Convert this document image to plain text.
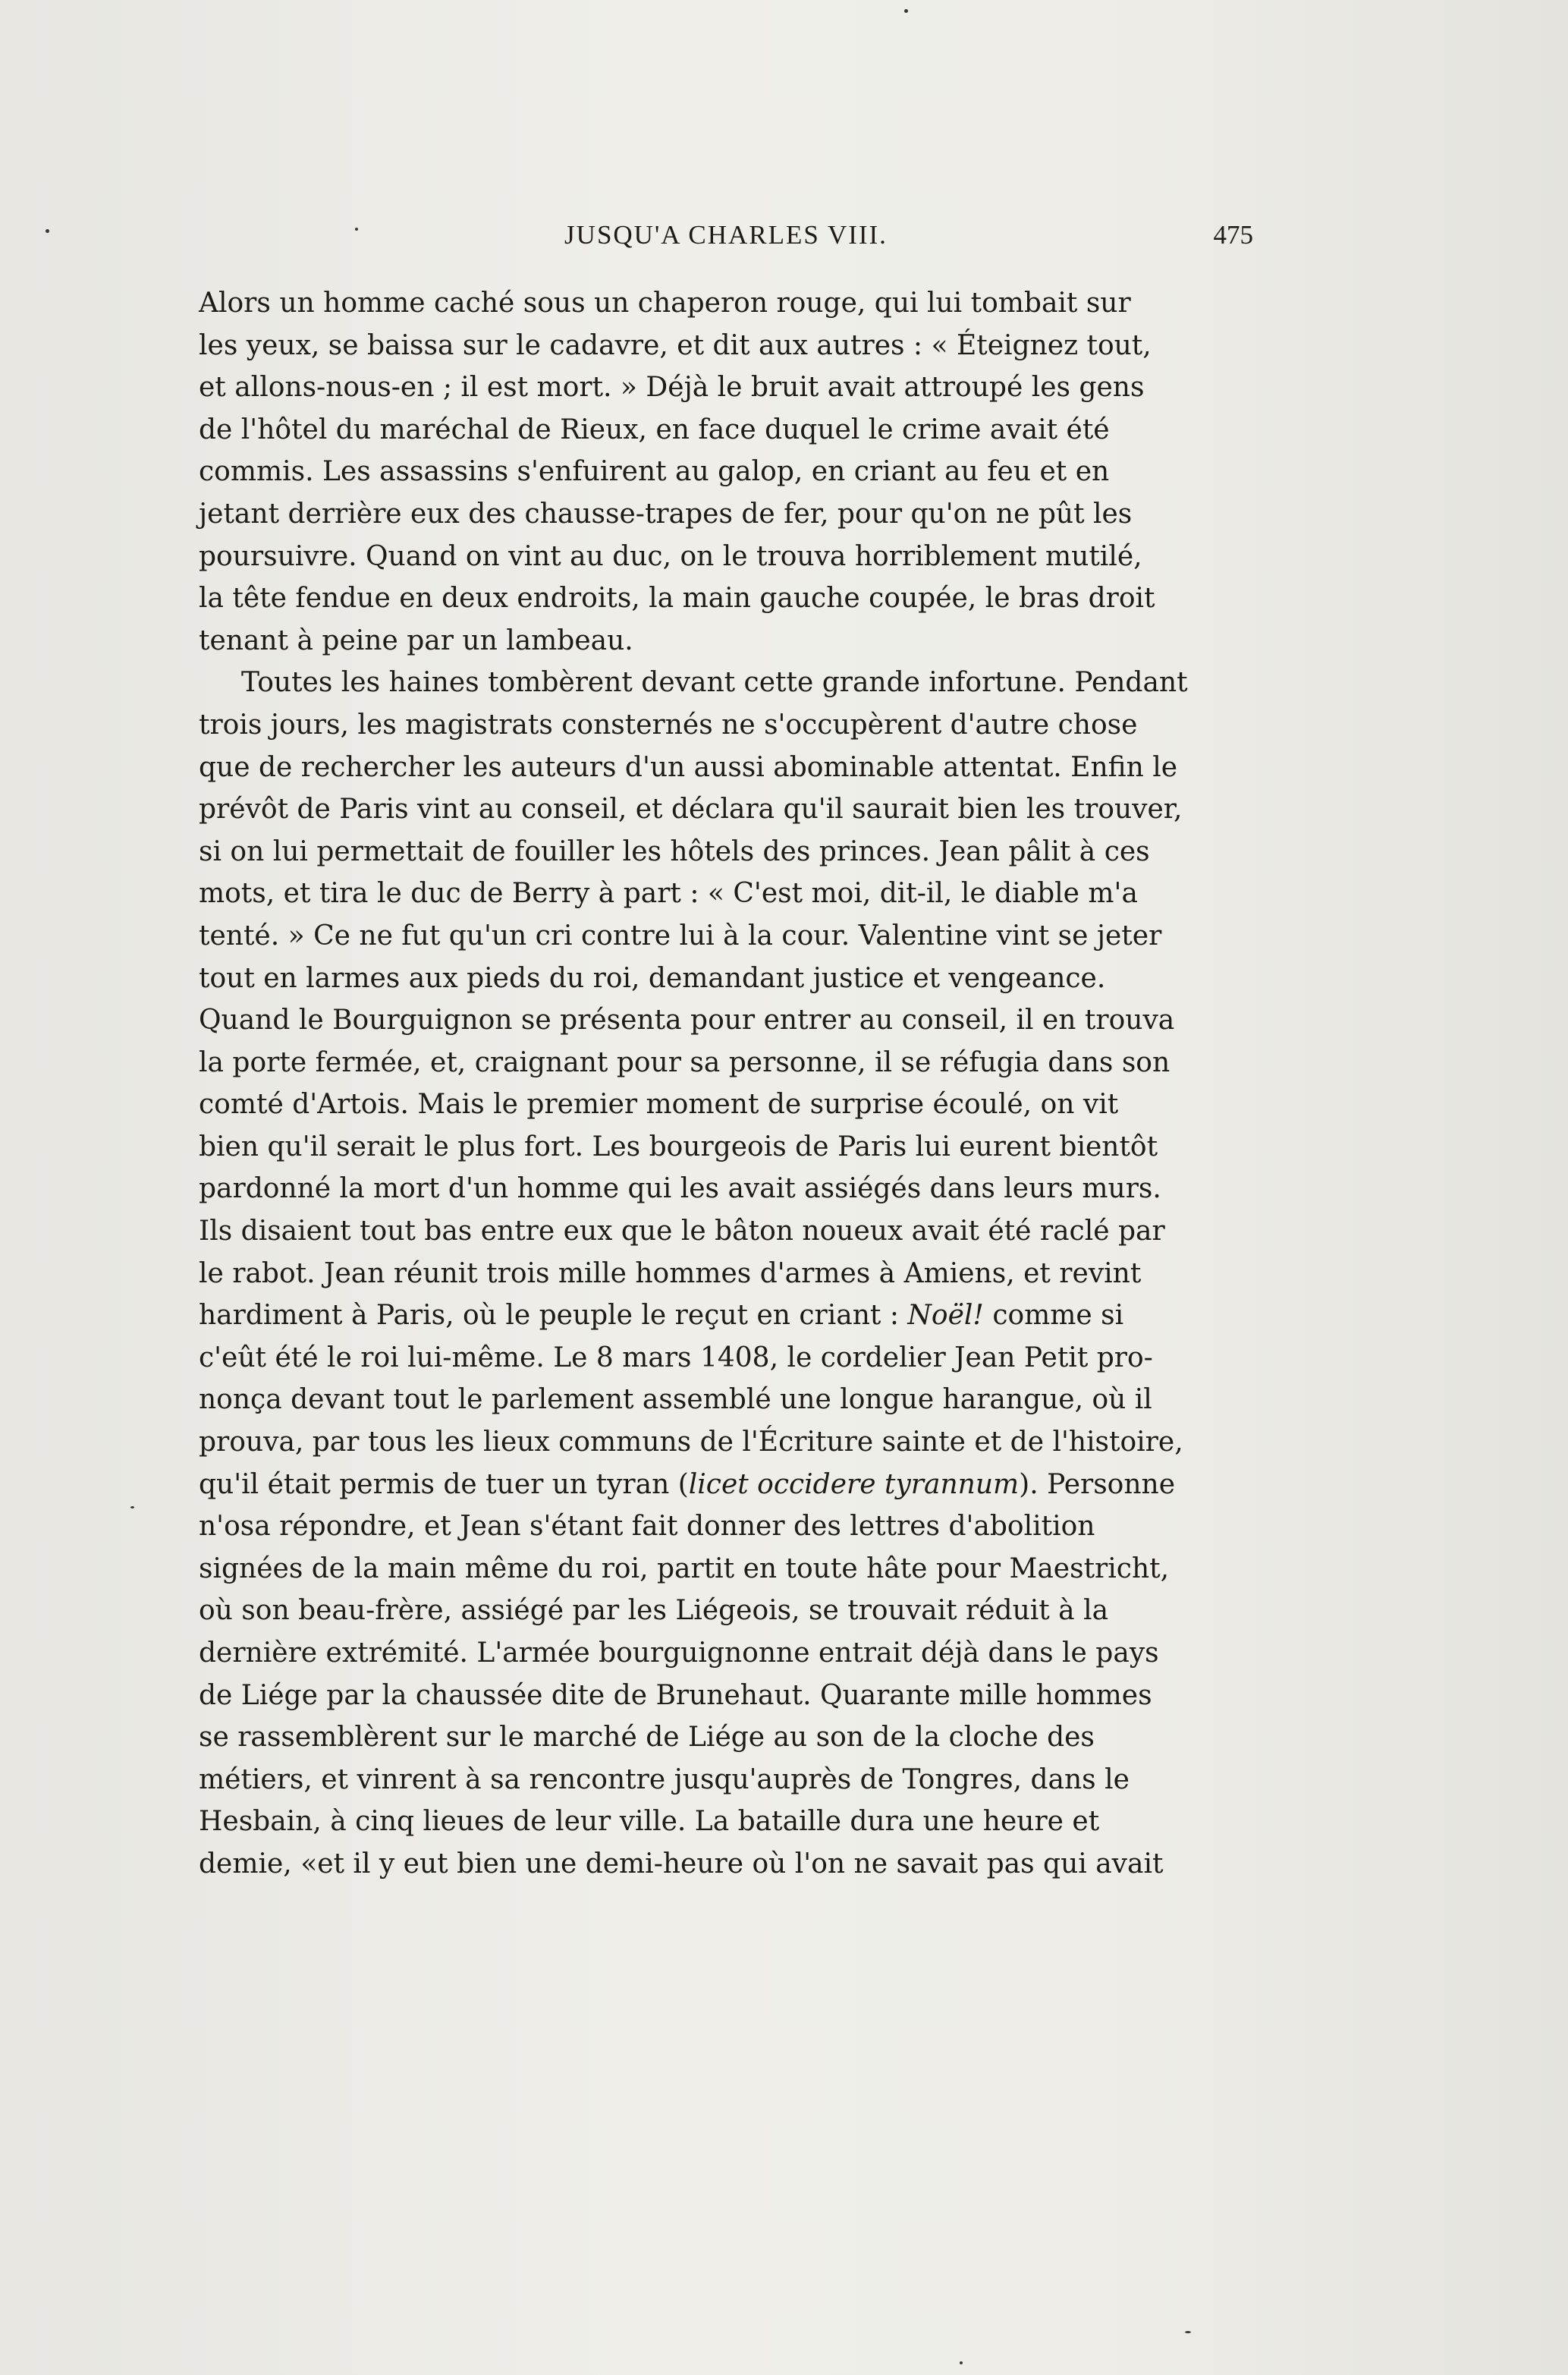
JUSQU'A CHARLES VIII.	475
Alors un homme caché sous un chaperon rouge, qui lui tombait sur
les yeux, se baissa sur le cadavre, et dit aux autres : « Éteignez tout,
et allons-nous-en ; il est mort. » Déjà le bruit avait attroupé les gens
de l'hôtel du maréchal de Rieux, en face duquel le crime avait été
commis. Les assassins s'enfuirent au galop, en criant au feu et en
jetant derrière eux des chausse-trapes de fer, pour qu'on ne pût les
poursuivre. Quand on vint au duc, on le trouva horriblement mutilé,
la tête fendue en deux endroits, la main gauche coupée, le bras droit
tenant à peine par un lambeau.
Toutes les haines tombèrent devant cette grande infortune. Pendant
trois jours, les magistrats consternés ne s'occupèrent d'autre chose
que de rechercher les auteurs d'un aussi abominable attentat. Enfin le
prévôt de Paris vint au conseil, et déclara qu'il saurait bien les trouver,
si on lui permettait de fouiller les hôtels des princes. Jean pâlit à ces
mots, et tira le duc de Berry à part : « C'est moi, dit-il, le diable m'a
tenté. » Ce ne fut qu'un cri contre lui à la cour. Valentine vint se jeter
tout en larmes aux pieds du roi, demandant justice et vengeance.
Quand le Bourguignon se présenta pour entrer au conseil, il en trouva
la porte fermée, et, craignant pour sa personne, il se réfugia dans son
comté d'Artois. Mais le premier moment de surprise écoulé, on vit
bien qu'il serait le plus fort. Les bourgeois de Paris lui eurent bientôt
pardonné la mort d'un homme qui les avait assiégés dans leurs murs.
Ils disaient tout bas entre eux que le bâton noueux avait été raclé par
le rabot. Jean réunit trois mille hommes d'armes à Amiens, et revint
hardiment à Paris, où le peuple le reçut en criant : Noël! comme si
c'eût été le roi lui-même. Le 8 mars 1408, le cordelier Jean Petit pro-
nonça devant tout le parlement assemblé une longue harangue, où il
prouva, par tous les lieux communs de l'Écriture sainte et de l'histoire,
qu'il était permis de tuer un tyran (licet occidere tyrannum). Personne
n'osa répondre, et Jean s'étant fait donner des lettres d'abolition
signées de la main même du roi, partit en toute hâte pour Maestricht,
où son beau-frère, assiégé par les Liégeois, se trouvait réduit à la
dernière extrémité. L'armée bourguignonne entrait déjà dans le pays
de Liége par la chaussée dite de Brunehaut. Quarante mille hommes
se rassemblèrent sur le marché de Liége au son de la cloche des
métiers, et vinrent à sa rencontre jusqu'auprès de Tongres, dans le
Hesbain, à cinq lieues de leur ville. La bataille dura une heure et
demie, «et il y eut bien une demi-heure où l'on ne savait pas qui avait
